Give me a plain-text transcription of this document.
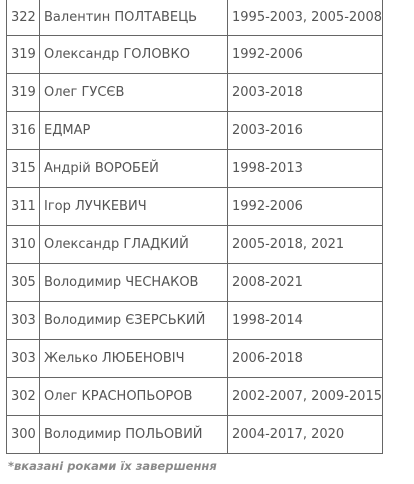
322	Валентин ПОЛТАВЕЦЬ	1995-2003, 2005-2008
319	Олександр ГОЛОВКО	1992-2006
319	Олег ГУСЄВ	2003-2018
316	ЕДМАР	2003-2016
315	Андрій ВОРОБЕЙ	1998-2013
311	Ігор ЛУЧКЕВИЧ	1992-2006
310	Олександр ГЛАДКИЙ	2005-2018, 2021
305	Володимир ЧЕСНАКОВ	2008-2021
303	Володимир ЄЗЕРСЬКИЙ	1998-2014
303	Желько ЛЮБЕНОВІЧ	2006-2018
302	Олег КРАСНОПЬОРОВ	2002-2007, 2009-2015
300	Володимир ПОЛЬОВИЙ	2004-2017, 2020
*вказані роками їх завершення
